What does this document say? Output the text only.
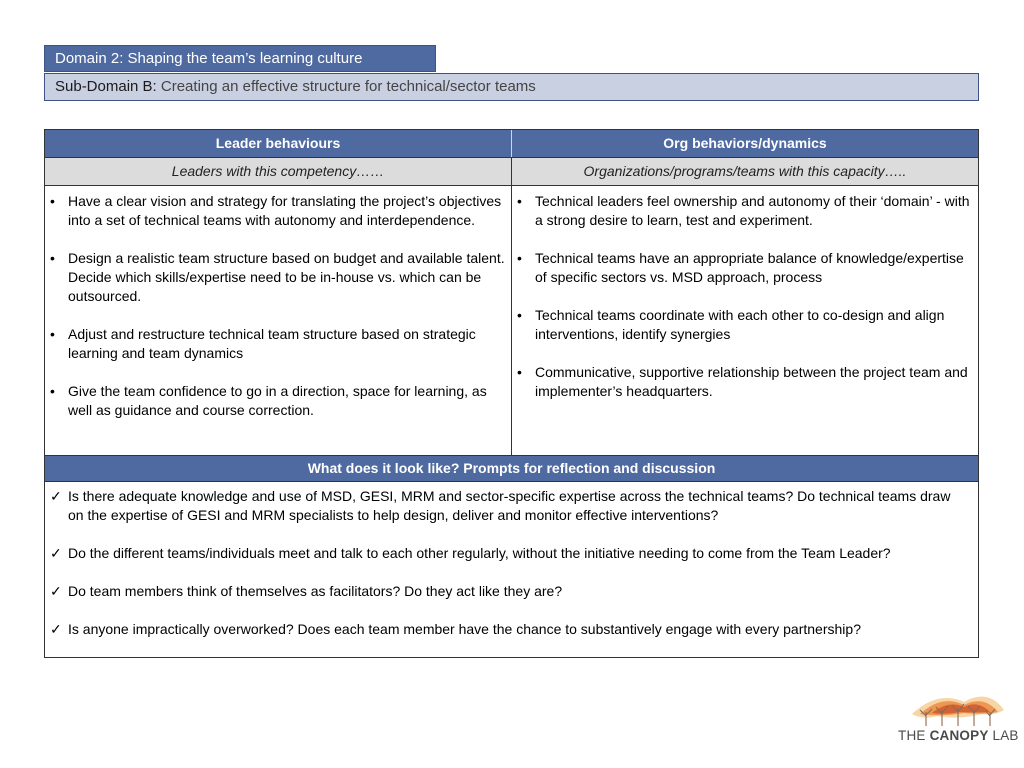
Domain 2: Shaping the team’s learning culture
Sub-Domain B: Creating an effective structure for technical/sector teams
Leader behaviours	Org behaviors/dynamics
Leaders with this competency……	Organizations/programs/teams with this capacity…..
• Have a clear vision and strategy for translating the project’s objectives into a set of technical teams with autonomy and interdependence.
• Design a realistic team structure based on budget and available talent. Decide which skills/expertise need to be in-house vs. which can be outsourced.
• Adjust and restructure technical team structure based on strategic learning and team dynamics
• Give the team confidence to go in a direction, space for learning, as well as guidance and course correction.
• Technical leaders feel ownership and autonomy of their ‘domain’ - with a strong desire to learn, test and experiment.
• Technical teams have an appropriate balance of knowledge/expertise of specific sectors vs. MSD approach, process
• Technical teams coordinate with each other to co-design and align interventions, identify synergies
• Communicative, supportive relationship between the project team and implementer’s headquarters.
What does it look like? Prompts for reflection and discussion
✓ Is there adequate knowledge and use of MSD, GESI, MRM and sector-specific expertise across the technical teams? Do technical teams draw on the expertise of GESI and MRM specialists to help design, deliver and monitor effective interventions?
✓ Do the different teams/individuals meet and talk to each other regularly, without the initiative needing to come from the Team Leader?
✓ Do team members think of themselves as facilitators? Do they act like they are?
✓ Is anyone impractically overworked? Does each team member have the chance to substantively engage with every partnership?
THE CANOPY LAB
